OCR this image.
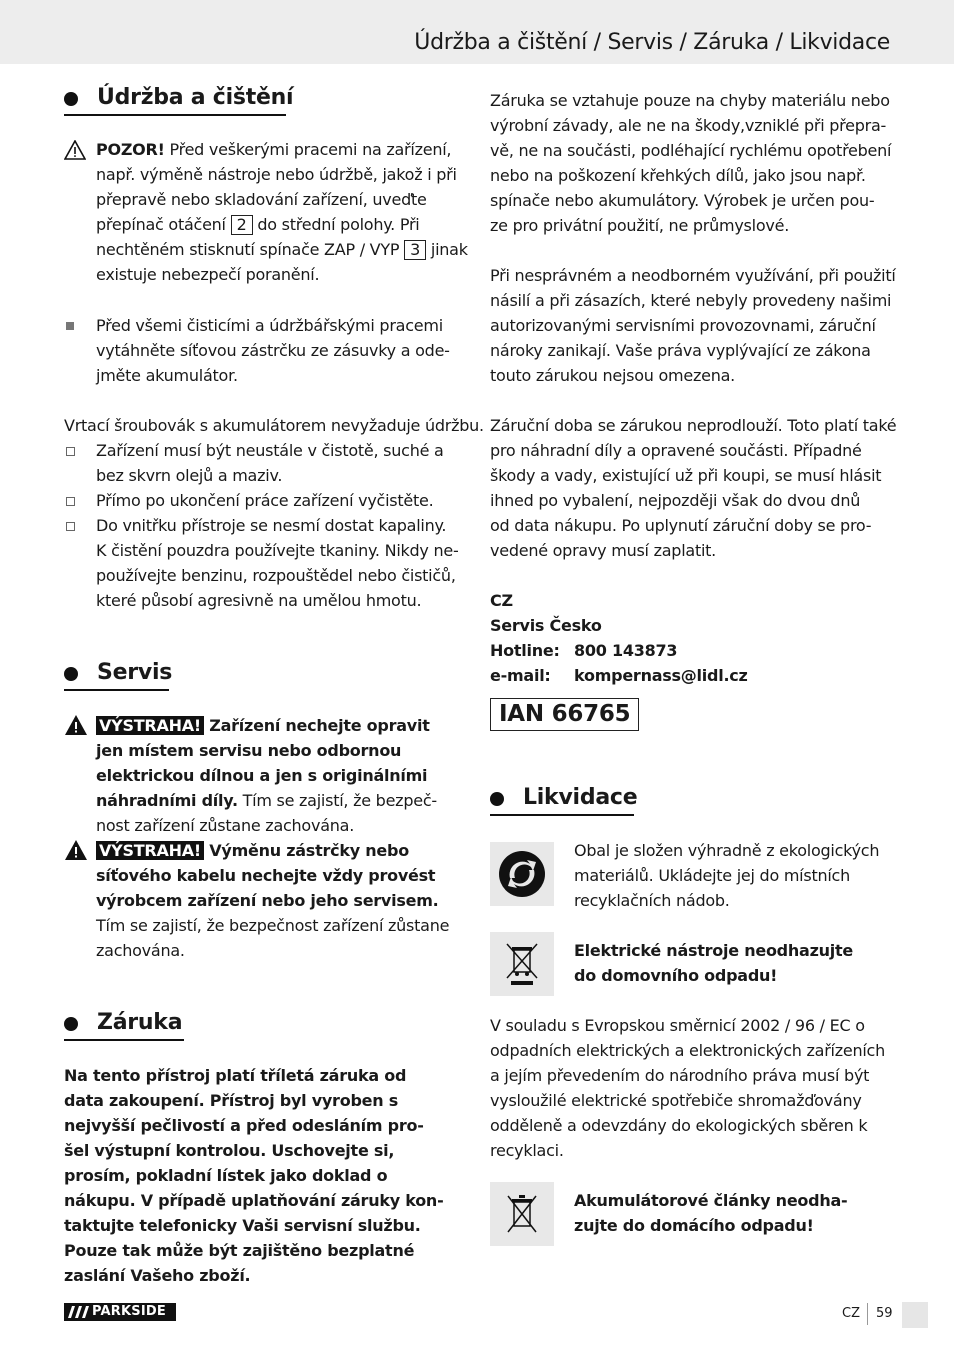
Údržba a čištění / Servis / Záruka / Likvidace
Údržba a čištění

POZOR! Před veškerými pracemi na zařízení,

např. výměně nástroje nebo údržbě, jakož i při

přepravě nebo skladování zařízení, uveďte

přepínač otáčení 2 do střední polohy. Při

nechtěném stisknutí spínače ZAP / VYP 3 jinak

existuje nebezpečí poranění.

Před všemi čisticími a údržbářskými pracemi

vytáhněte síťovou zástrčku ze zásuvky a ode-

jměte akumulátor.

Vrtací šroubovák s akumulátorem nevyžaduje údržbu.

Zařízení musí být neustále v čistotě, suché a

bez skvrn olejů a maziv.

Přímo po ukončení práce zařízení vyčistěte.

Do vnitřku přístroje se nesmí dostat kapaliny.

K čistění pouzdra používejte tkaniny. Nikdy ne-

používejte benzinu, rozpouštědel nebo čističů,

které působí agresivně na umělou hmotu.

Servis

VÝSTRAHA! Zařízení nechejte opravit

jen místem servisu nebo odbornou

elektrickou dílnou a jen s originálními

náhradními díly. Tím se zajistí, že bezpeč-

nost zařízení zůstane zachována.

VÝSTRAHA! Výměnu zástrčky nebo

síťového kabelu nechejte vždy provést

výrobcem zařízení nebo jeho servisem.

Tím se zajistí, že bezpečnost zařízení zůstane

zachována.

Záruka

Na tento přístroj platí tříletá záruka od

data zakoupení. Přístroj byl vyroben s

nejvyšší pečlivostí a před odesláním pro-

šel výstupní kontrolou. Uschovejte si,

prosím, pokladní lístek jako doklad o

nákupu. V případě uplatňování záruky kon-

taktujte telefonicky Vaši servisní službu.

Pouze tak může být zajištěno bezplatné

zaslání Vašeho zboží.

Záruka se vztahuje pouze na chyby materiálu nebo

výrobní závady, ale ne na škody,vzniklé při přepra-

vě, ne na součásti, podléhající rychlému opotřebení

nebo na poškození křehkých dílů, jako jsou např.

spínače nebo akumulátory. Výrobek je určen pou-

ze pro privátní použití, ne průmyslové.

Při nesprávném a neodborném využívání, při použití

násilí a při zásazích, které nebyly provedeny našimi

autorizovanými servisními provozovnami, záruční

nároky zanikají. Vaše práva vyplývající ze zákona

touto zárukou nejsou omezena.

Záruční doba se zárukou neprodlouží. Toto platí také

pro náhradní díly a opravené součásti. Případné

škody a vady, existující už při koupi, se musí hlásit

ihned po vybalení, nejpozději však do dvou dnů

od data nákupu. Po uplynutí záruční doby se pro-

vedené opravy musí zaplatit.

CZ

Servis Česko

Hotline: 800 143873

e-mail: kompernass@lidl.cz

IAN 66765
Likvidace

Obal je složen výhradně z ekologických

materiálů. Ukládejte jej do místních

recyklačních nádob.

Elektrické nástroje neodhazujte

do domovního odpadu!

V souladu s Evropskou směrnicí 2002 / 96 / EC o

odpadních elektrických a elektronických zařízeních

a jejím převedením do národního práva musí být

vysloužilé elektrické spotřebiče shromažďovány

odděleně a odevzdány do ekologických sběren k

recyklaci.

Akumulátorové články neodha-

zujte do domácího odpadu!

PARKSIDE	CZ 59
